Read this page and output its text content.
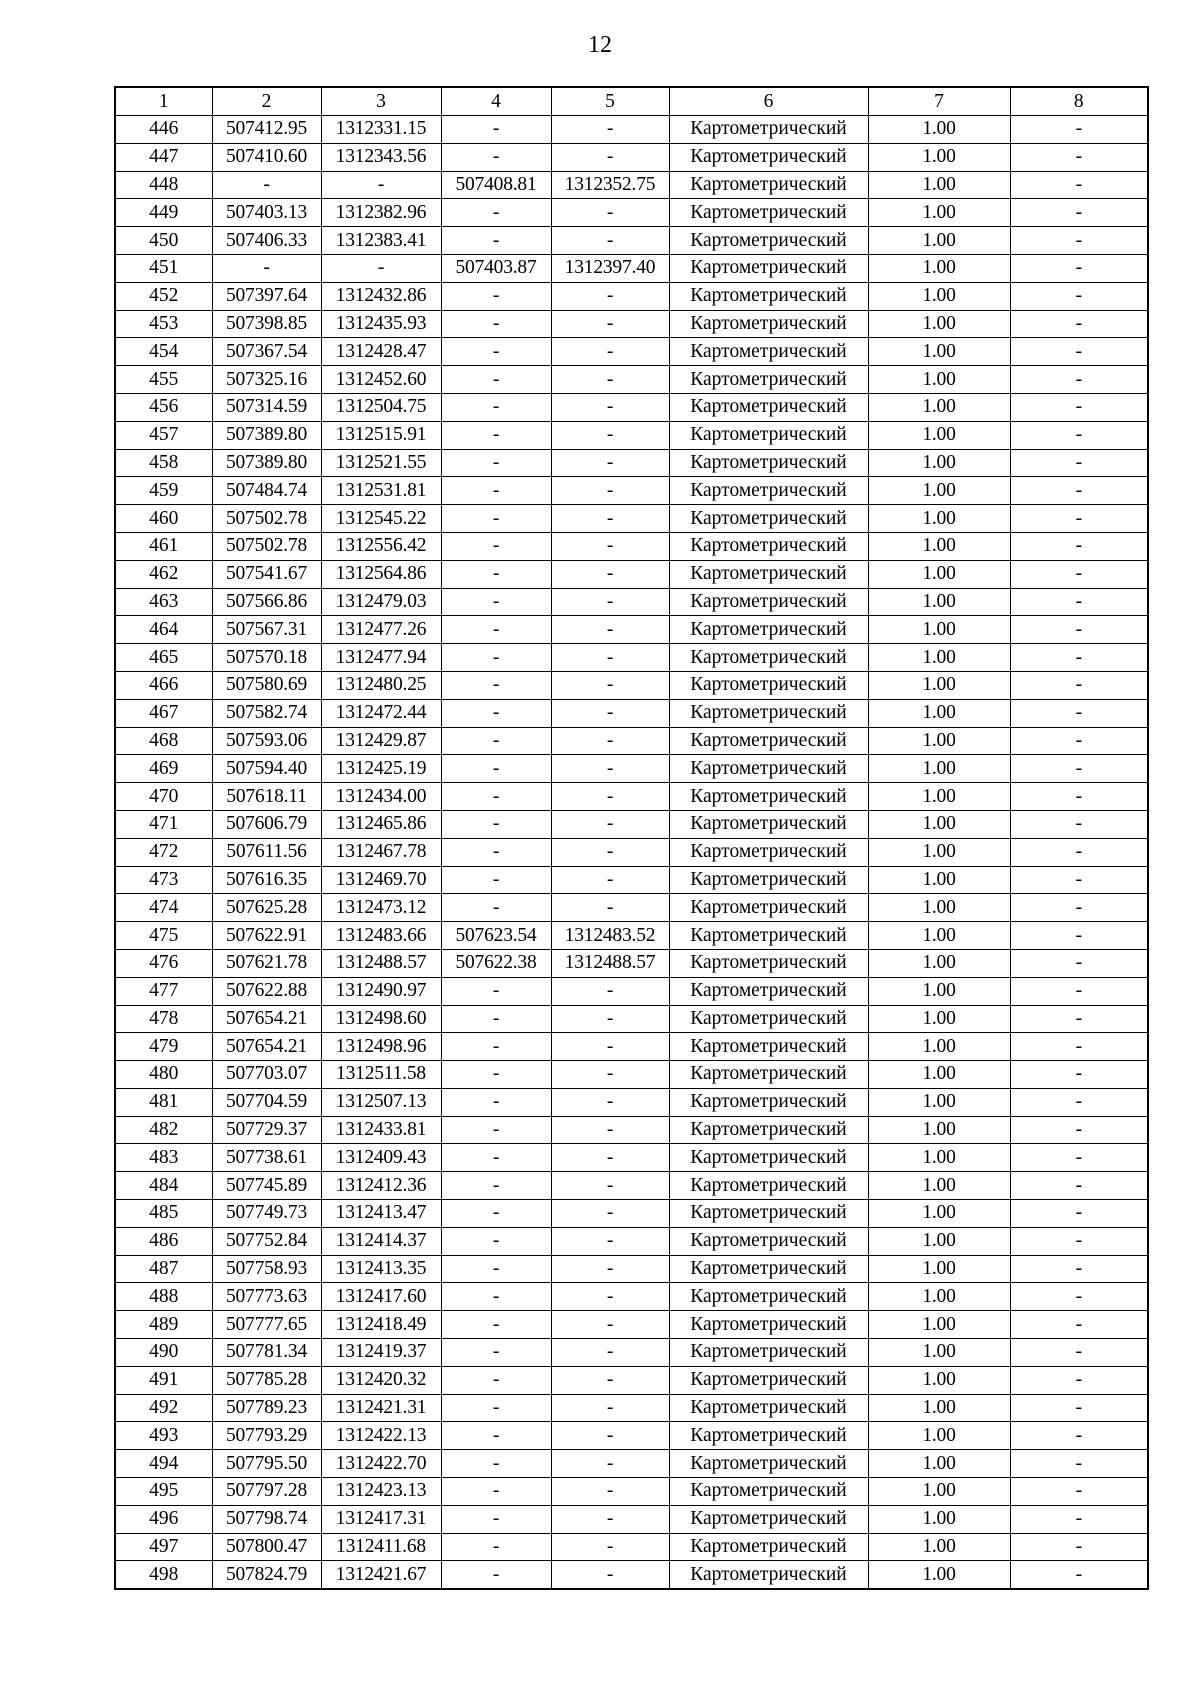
12
1	2	3	4	5	6	7	8
446	507412.95	1312331.15	-	-	Картометрический	1.00	-
447	507410.60	1312343.56	-	-	Картометрический	1.00	-
448	-	-	507408.81	1312352.75	Картометрический	1.00	-
449	507403.13	1312382.96	-	-	Картометрический	1.00	-
450	507406.33	1312383.41	-	-	Картометрический	1.00	-
451	-	-	507403.87	1312397.40	Картометрический	1.00	-
452	507397.64	1312432.86	-	-	Картометрический	1.00	-
453	507398.85	1312435.93	-	-	Картометрический	1.00	-
454	507367.54	1312428.47	-	-	Картометрический	1.00	-
455	507325.16	1312452.60	-	-	Картометрический	1.00	-
456	507314.59	1312504.75	-	-	Картометрический	1.00	-
457	507389.80	1312515.91	-	-	Картометрический	1.00	-
458	507389.80	1312521.55	-	-	Картометрический	1.00	-
459	507484.74	1312531.81	-	-	Картометрический	1.00	-
460	507502.78	1312545.22	-	-	Картометрический	1.00	-
461	507502.78	1312556.42	-	-	Картометрический	1.00	-
462	507541.67	1312564.86	-	-	Картометрический	1.00	-
463	507566.86	1312479.03	-	-	Картометрический	1.00	-
464	507567.31	1312477.26	-	-	Картометрический	1.00	-
465	507570.18	1312477.94	-	-	Картометрический	1.00	-
466	507580.69	1312480.25	-	-	Картометрический	1.00	-
467	507582.74	1312472.44	-	-	Картометрический	1.00	-
468	507593.06	1312429.87	-	-	Картометрический	1.00	-
469	507594.40	1312425.19	-	-	Картометрический	1.00	-
470	507618.11	1312434.00	-	-	Картометрический	1.00	-
471	507606.79	1312465.86	-	-	Картометрический	1.00	-
472	507611.56	1312467.78	-	-	Картометрический	1.00	-
473	507616.35	1312469.70	-	-	Картометрический	1.00	-
474	507625.28	1312473.12	-	-	Картометрический	1.00	-
475	507622.91	1312483.66	507623.54	1312483.52	Картометрический	1.00	-
476	507621.78	1312488.57	507622.38	1312488.57	Картометрический	1.00	-
477	507622.88	1312490.97	-	-	Картометрический	1.00	-
478	507654.21	1312498.60	-	-	Картометрический	1.00	-
479	507654.21	1312498.96	-	-	Картометрический	1.00	-
480	507703.07	1312511.58	-	-	Картометрический	1.00	-
481	507704.59	1312507.13	-	-	Картометрический	1.00	-
482	507729.37	1312433.81	-	-	Картометрический	1.00	-
483	507738.61	1312409.43	-	-	Картометрический	1.00	-
484	507745.89	1312412.36	-	-	Картометрический	1.00	-
485	507749.73	1312413.47	-	-	Картометрический	1.00	-
486	507752.84	1312414.37	-	-	Картометрический	1.00	-
487	507758.93	1312413.35	-	-	Картометрический	1.00	-
488	507773.63	1312417.60	-	-	Картометрический	1.00	-
489	507777.65	1312418.49	-	-	Картометрический	1.00	-
490	507781.34	1312419.37	-	-	Картометрический	1.00	-
491	507785.28	1312420.32	-	-	Картометрический	1.00	-
492	507789.23	1312421.31	-	-	Картометрический	1.00	-
493	507793.29	1312422.13	-	-	Картометрический	1.00	-
494	507795.50	1312422.70	-	-	Картометрический	1.00	-
495	507797.28	1312423.13	-	-	Картометрический	1.00	-
496	507798.74	1312417.31	-	-	Картометрический	1.00	-
497	507800.47	1312411.68	-	-	Картометрический	1.00	-
498	507824.79	1312421.67	-	-	Картометрический	1.00	-
